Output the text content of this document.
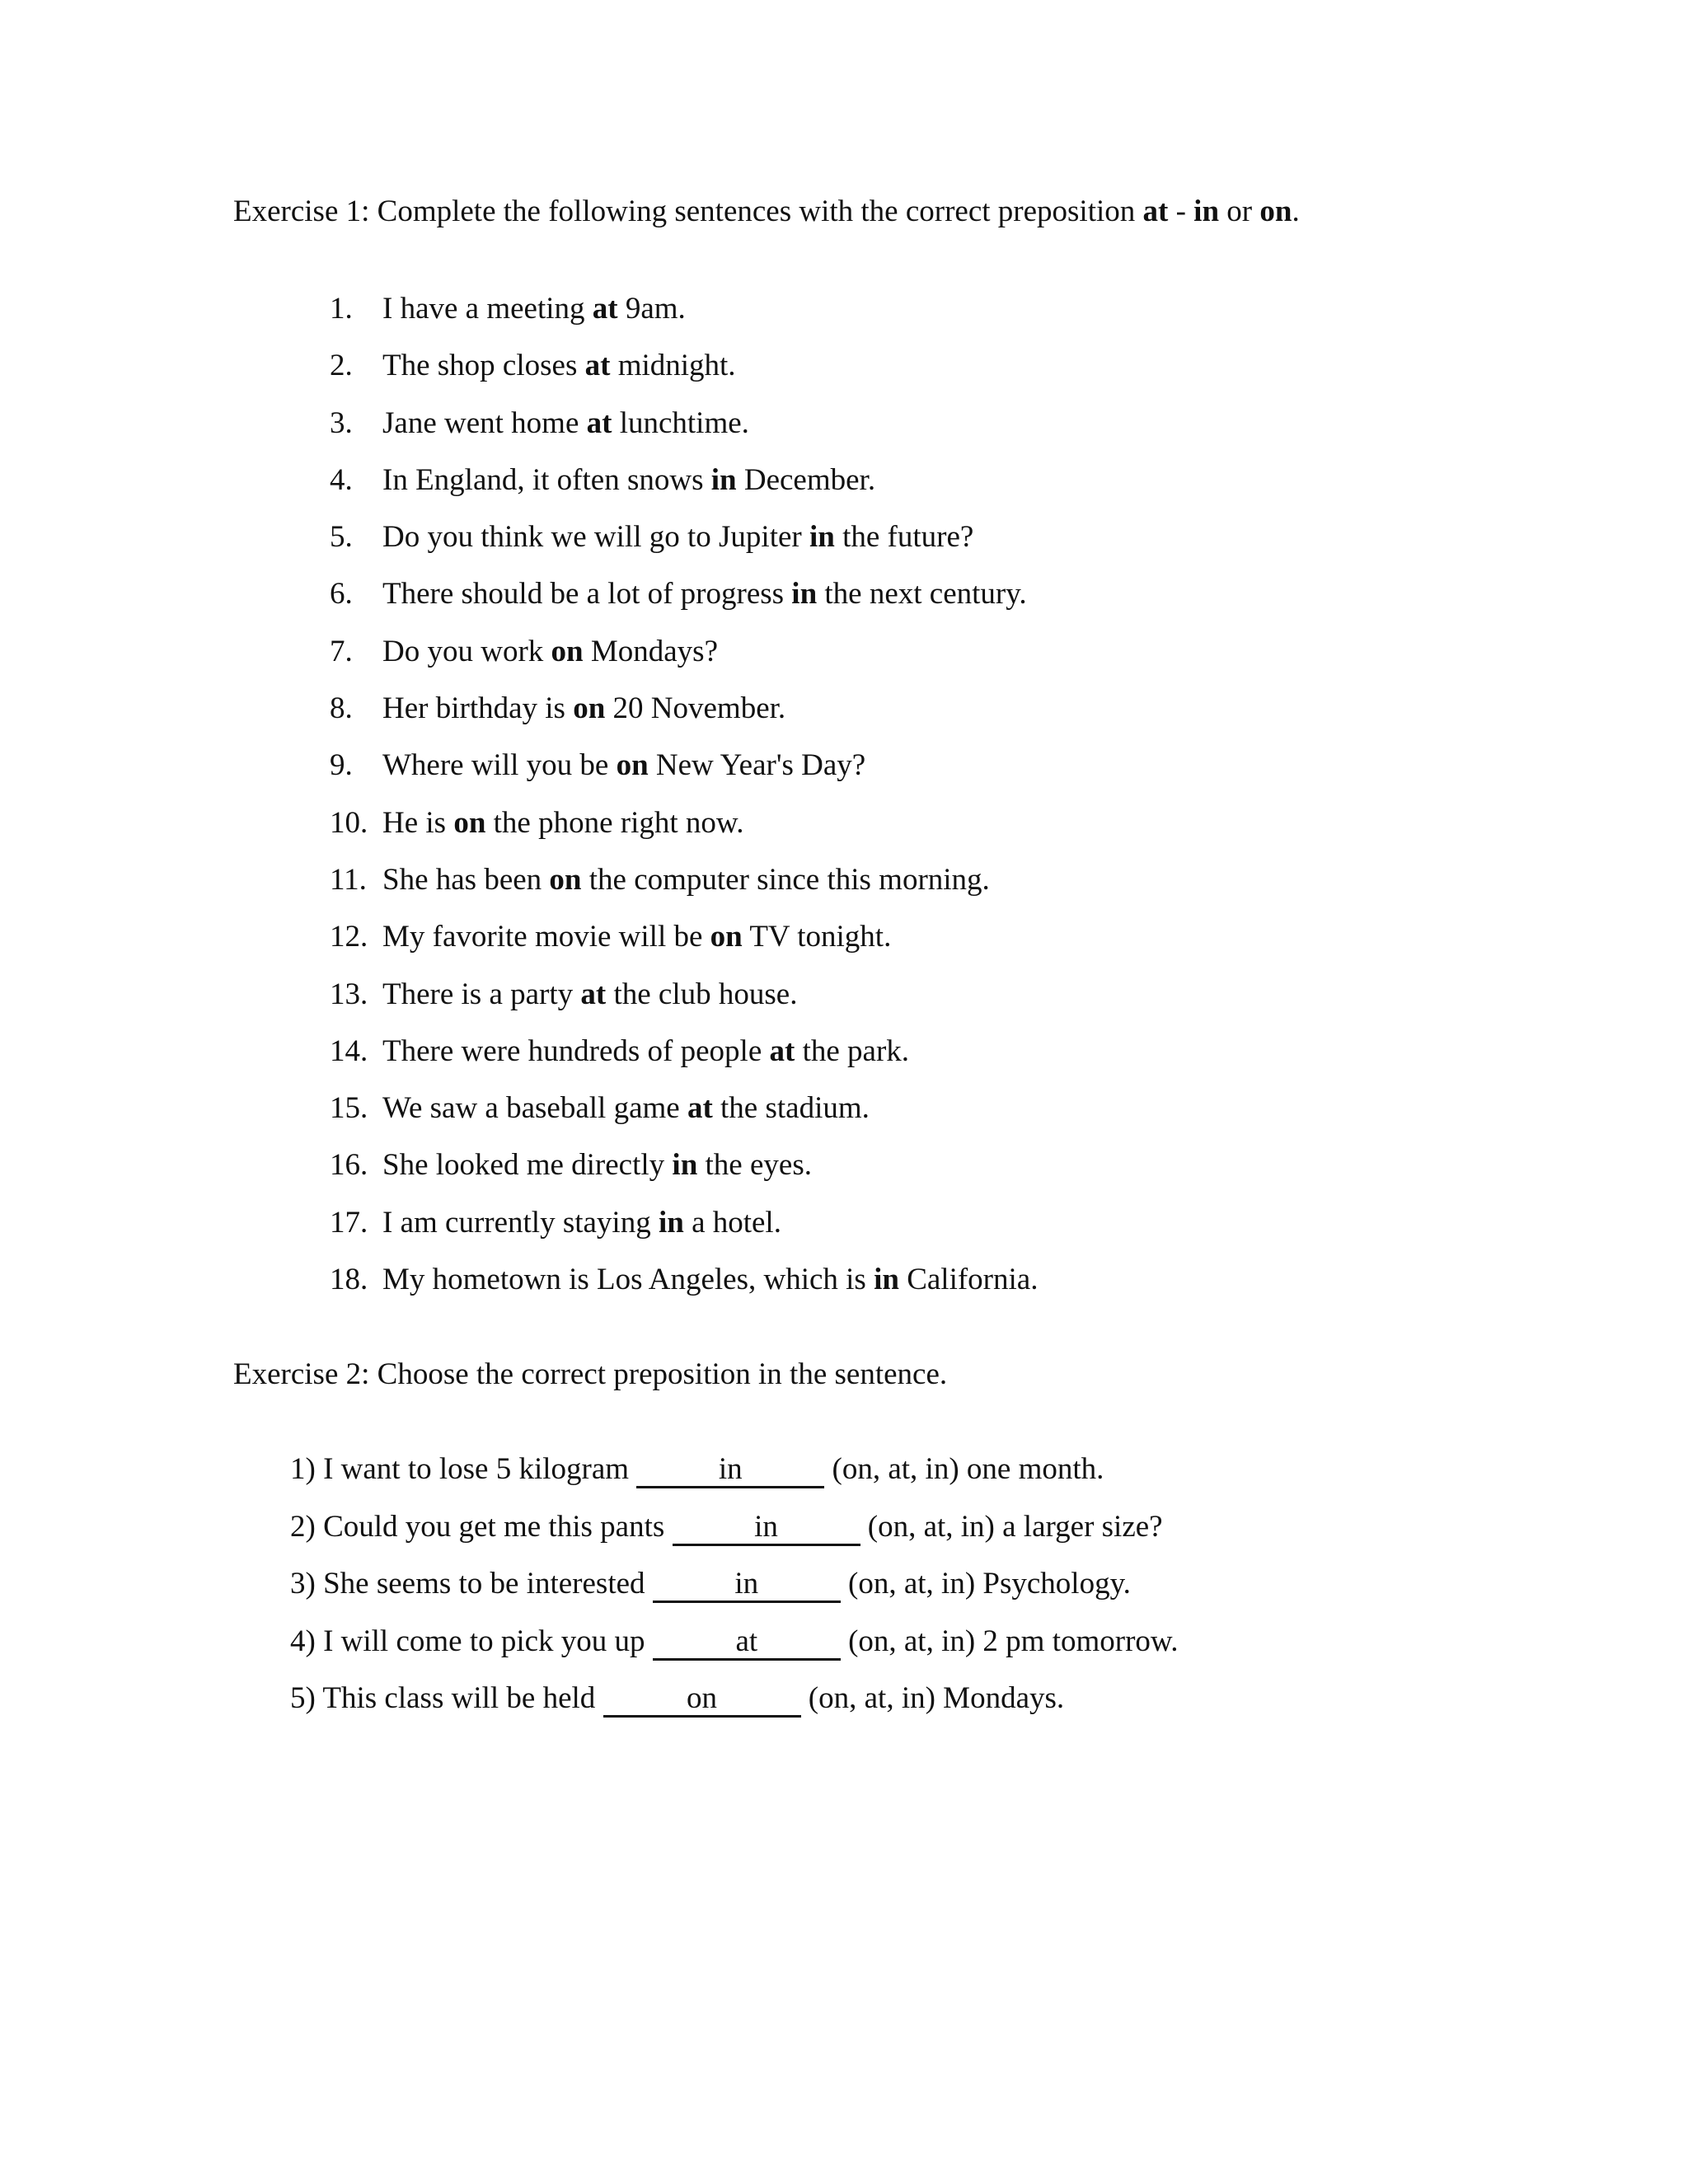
Exercise 1: Complete the following sentences with the correct preposition at - in or on.

1. I have a meeting at 9am.
2. The shop closes at midnight.
3. Jane went home at lunchtime.
4. In England, it often snows in December.
5. Do you think we will go to Jupiter in the future?
6. There should be a lot of progress in the next century.
7. Do you work on Mondays?
8. Her birthday is on 20 November.
9. Where will you be on New Year's Day?
10. He is on the phone right now.
11. She has been on the computer since this morning.
12. My favorite movie will be on TV tonight.
13. There is a party at the club house.
14. There were hundreds of people at the park.
15. We saw a baseball game at the stadium.
16. She looked me directly in the eyes.
17. I am currently staying in a hotel.
18. My hometown is Los Angeles, which is in California.

Exercise 2: Choose the correct preposition in the sentence.

1) I want to lose 5 kilogram	in	(on, at, in) one month.
2) Could you get me this pants	in	(on, at, in) a larger size?
3) She seems to be interested	in	(on, at, in) Psychology.
4) I will come to pick you up	at	(on, at, in) 2 pm tomorrow.
5) This class will be held	on	(on, at, in) Mondays.
